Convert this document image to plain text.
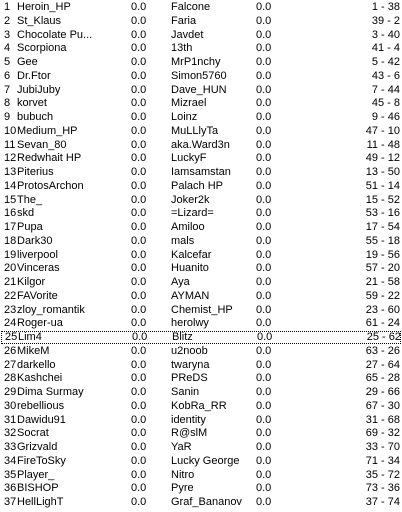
1 Heroin_HP	0.0	Falcone	0.0	1 - 38
2 St_Klaus	0.0	Faria	0.0	39 - 2
3 Chocolate Pu...	0.0	Javdet	0.0	3 - 40
4 Scorpiona	0.0	13th	0.0	41 - 4
5 Gee	0.0	MrP1nchy	0.0	5 - 42
6 Dr.Ftor	0.0	Simon5760	0.0	43 - 6
7 JubiJuby	0.0	Dave_HUN	0.0	7 - 44
8 korvet	0.0	Mizrael	0.0	45 - 8
9 bubuch	0.0	Loinz	0.0	9 - 46
10 Medium_HP	0.0	MuLLlyTa	0.0	47 - 10
11 Sevan_80	0.0	aka.Ward3n	0.0	11 - 48
12 Redwhait HP	0.0	LuckyF	0.0	49 - 12
13 Piterius	0.0	Iamsamstan	0.0	13 - 50
14 ProtosArchon	0.0	Palach HP	0.0	51 - 14
15 The_	0.0	Joker2k	0.0	15 - 52
16 skd	0.0	=Lizard=	0.0	53 - 16
17 Pupa	0.0	Amiloo	0.0	17 - 54
18 Dark30	0.0	mals	0.0	55 - 18
19 liverpool	0.0	Kalcefar	0.0	19 - 56
20 Vinceras	0.0	Huanito	0.0	57 - 20
21 Kilgor	0.0	Aya	0.0	21 - 58
22 FAVorite	0.0	AYMAN	0.0	59 - 22
23 zloy_romantik	0.0	Chemist_HP	0.0	23 - 60
24 Roger-ua	0.0	herolwy	0.0	61 - 24
25 Lim4	0.0	Blitz	0.0	25 - 62
26 MikeM	0.0	u2noob	0.0	63 - 26
27 darkello	0.0	twaryna	0.0	27 - 64
28 Kashchei	0.0	PReDS	0.0	65 - 28
29 Dima Surmay	0.0	Sanin	0.0	29 - 66
30 rebellious	0.0	KobRa_RR	0.0	67 - 30
31 Dawidu91	0.0	identity	0.0	31 - 68
32 Socrat	0.0	R@slM	0.0	69 - 32
33 Grizvald	0.0	YaR	0.0	33 - 70
34 FireToSky	0.0	Lucky George	0.0	71 - 34
35 Player_	0.0	Nitro	0.0	35 - 72
36 BISHOP	0.0	Pyre	0.0	73 - 36
37 HellLighT	0.0	Graf_Bananov	0.0	37 - 74
